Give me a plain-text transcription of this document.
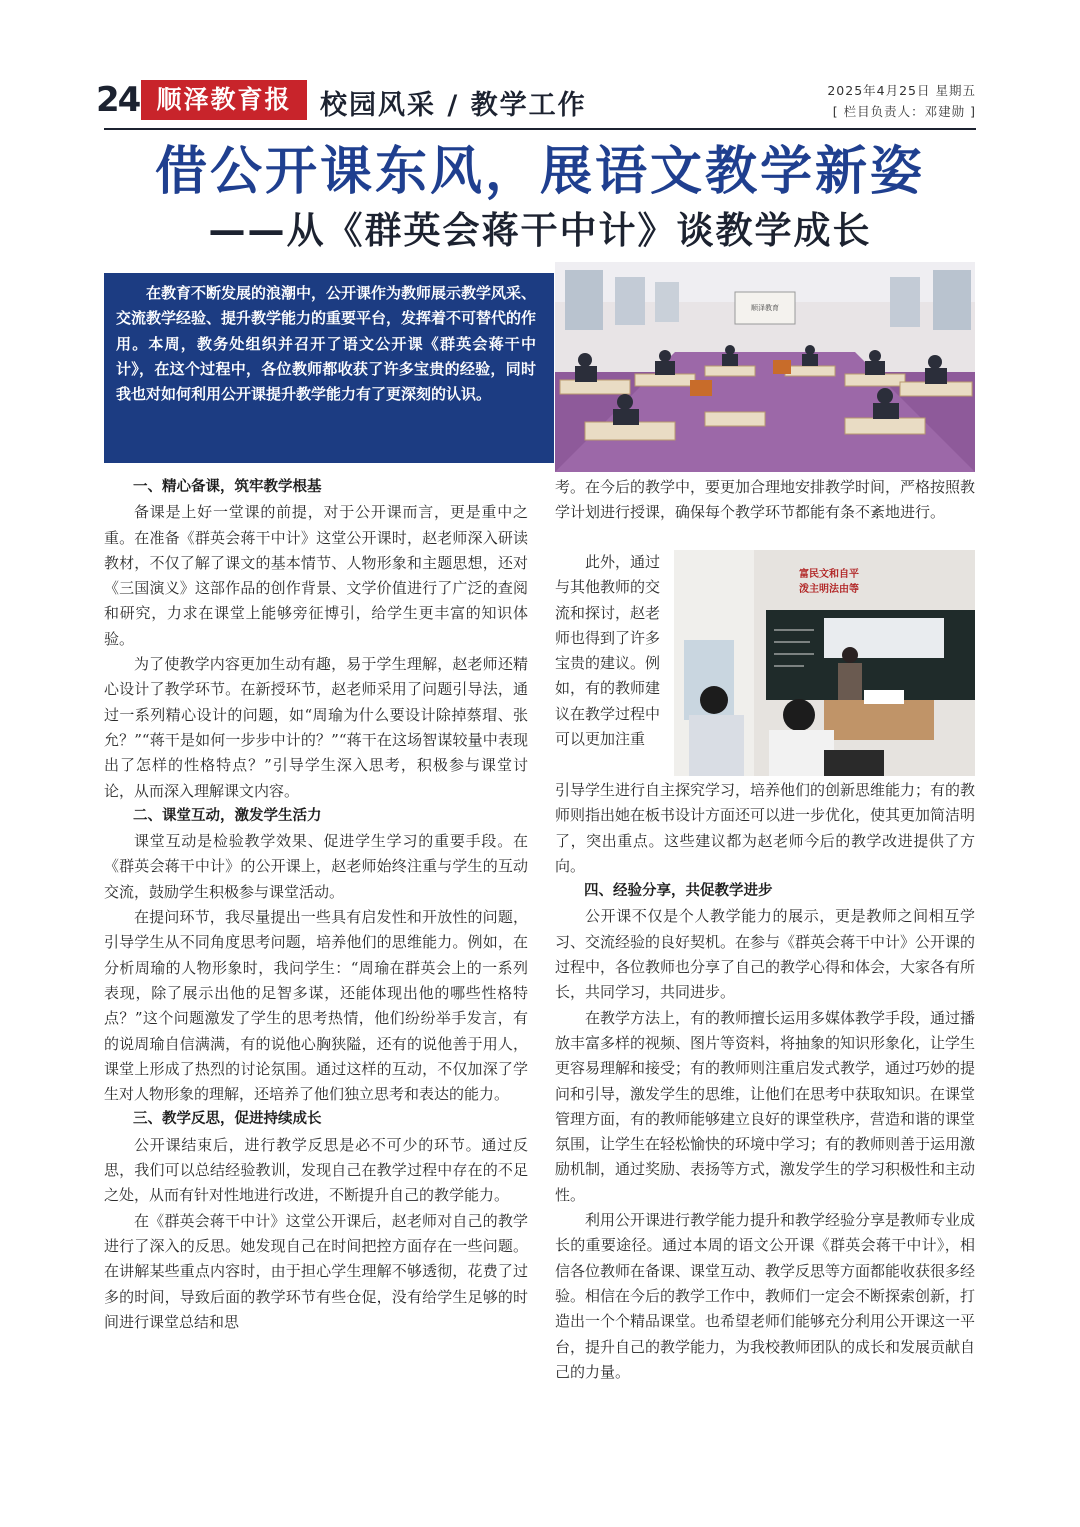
24 顺泽教育报	校园风采 / 教学工作	2025年4月25日 星期五
[ 栏目负责人：邓建勋 ]
借公开课东风，展语文教学新姿
——从《群英会蒋干中计》谈教学成长

在教育不断发展的浪潮中，公开课作为教师展示教学风采、交流教学经验、提升教学能力的重要平台，发挥着不可替代的作用。本周，教务处组织并召开了语文公开课《群英会蒋干中计》，在这个过程中，各位教师都收获了许多宝贵的经验，同时我也对如何利用公开课提升教学能力有了更深刻的认识。

顺泽教育
富民文和自平
泼主明法由等
一、精心备课，筑牢教学根基

备课是上好一堂课的前提，对于公开课而言，更是重中之重。在准备《群英会蒋干中计》这堂公开课时，赵老师深入研读教材，不仅了解了课文的基本情节、人物形象和主题思想，还对《三国演义》这部作品的创作背景、文学价值进行了广泛的查阅和研究，力求在课堂上能够旁征博引，给学生更丰富的知识体验。

为了使教学内容更加生动有趣，易于学生理解，赵老师还精心设计了教学环节。在新授环节，赵老师采用了问题引导法，通过一系列精心设计的问题，如“周瑜为什么要设计除掉蔡瑁、张允？”“蒋干是如何一步步中计的？”“蒋干在这场智谋较量中表现出了怎样的性格特点？”引导学生深入思考，积极参与课堂讨论，从而深入理解课文内容。

二、课堂互动，激发学生活力

课堂互动是检验教学效果、促进学生学习的重要手段。在《群英会蒋干中计》的公开课上，赵老师始终注重与学生的互动交流，鼓励学生积极参与课堂活动。

在提问环节，我尽量提出一些具有启发性和开放性的问题，引导学生从不同角度思考问题，培养他们的思维能力。例如，在分析周瑜的人物形象时，我问学生：“周瑜在群英会上的一系列表现，除了展示出他的足智多谋，还能体现出他的哪些性格特点？”这个问题激发了学生的思考热情，他们纷纷举手发言，有的说周瑜自信满满，有的说他心胸狭隘，还有的说他善于用人，课堂上形成了热烈的讨论氛围。通过这样的互动，不仅加深了学生对人物形象的理解，还培养了他们独立思考和表达的能力。

三、教学反思，促进持续成长

公开课结束后，进行教学反思是必不可少的环节。通过反思，我们可以总结经验教训，发现自己在教学过程中存在的不足之处，从而有针对性地进行改进，不断提升自己的教学能力。

在《群英会蒋干中计》这堂公开课后，赵老师对自己的教学进行了深入的反思。她发现自己在时间把控方面存在一些问题。在讲解某些重点内容时，由于担心学生理解不够透彻，花费了过多的时间，导致后面的教学环节有些仓促，没有给学生足够的时间进行课堂总结和思

考。在今后的教学中，要更加合理地安排教学时间，严格按照教学计划进行授课，确保每个教学环节都能有条不紊地进行。

此外，通过与其他教师的交流和探讨，赵老师也得到了许多宝贵的建议。例如，有的教师建议在教学过程中可以更加注重

引导学生进行自主探究学习，培养他们的创新思维能力；有的教师则指出她在板书设计方面还可以进一步优化，使其更加简洁明了，突出重点。这些建议都为赵老师今后的教学改进提供了方向。

四、经验分享，共促教学进步

公开课不仅是个人教学能力的展示，更是教师之间相互学习、交流经验的良好契机。在参与《群英会蒋干中计》公开课的过程中，各位教师也分享了自己的教学心得和体会，大家各有所长，共同学习，共同进步。

在教学方法上，有的教师擅长运用多媒体教学手段，通过播放丰富多样的视频、图片等资料，将抽象的知识形象化，让学生更容易理解和接受；有的教师则注重启发式教学，通过巧妙的提问和引导，激发学生的思维，让他们在思考中获取知识。在课堂管理方面，有的教师能够建立良好的课堂秩序，营造和谐的课堂氛围，让学生在轻松愉快的环境中学习；有的教师则善于运用激励机制，通过奖励、表扬等方式，激发学生的学习积极性和主动性。

利用公开课进行教学能力提升和教学经验分享是教师专业成长的重要途径。通过本周的语文公开课《群英会蒋干中计》，相信各位教师在备课、课堂互动、教学反思等方面都能收获很多经验。相信在今后的教学工作中，教师们一定会不断探索创新，打造出一个个精品课堂。也希望老师们能够充分利用公开课这一平台，提升自己的教学能力，为我校教师团队的成长和发展贡献自己的力量。
